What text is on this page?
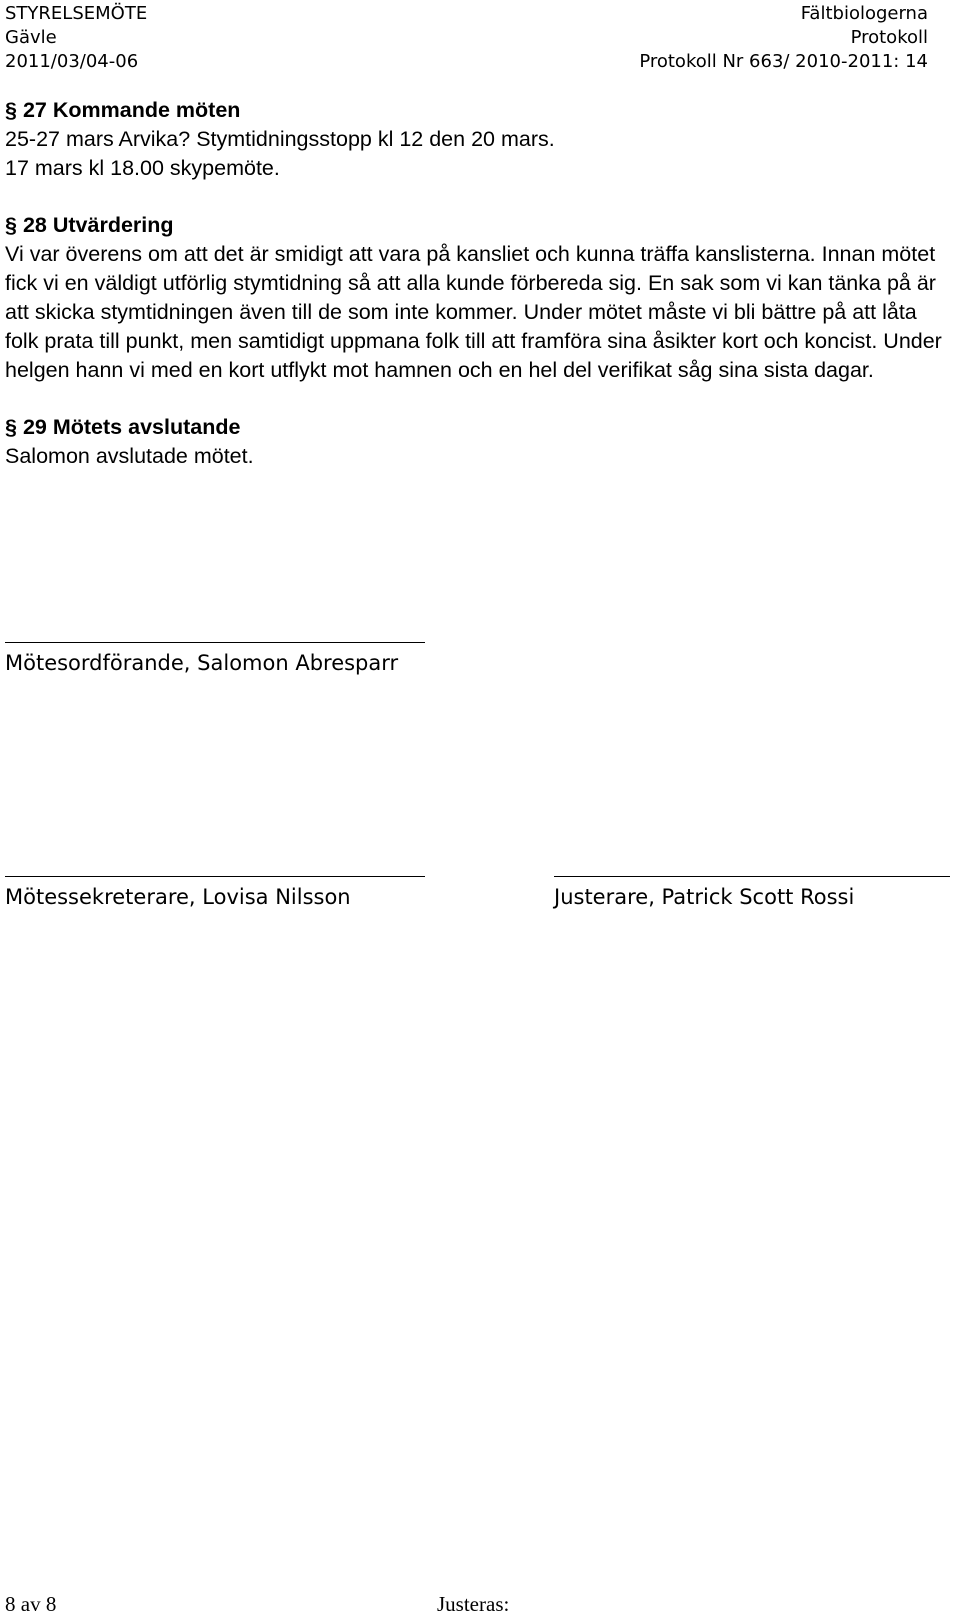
STYRELSEMÖTE	Fältbiologerna
Gävle	Protokoll
2011/03/04-06	Protokoll Nr 663/ 2010-2011: 14

§ 27 Kommande möten

25-27 mars Arvika? Stymtidningsstopp kl 12 den 20 mars.

17 mars kl 18.00 skypemöte.

§ 28 Utvärdering

Vi var överens om att det är smidigt att vara på kansliet och kunna träffa kanslisterna. Innan mötet fick vi en väldigt utförlig stymtidning så att alla kunde förbereda sig. En sak som vi kan tänka på är att skicka stymtidningen även till de som inte kommer. Under mötet måste vi bli bättre på att låta folk prata till punkt, men samtidigt uppmana folk till att framföra sina åsikter kort och koncist. Under helgen hann vi med en kort utflykt mot hamnen och en hel del verifikat såg sina sista dagar.

§ 29 Mötets avslutande

Salomon avslutade mötet.

Mötesordförande, Salomon Abresparr
Mötessekreterare, Lovisa Nilsson	Justerare, Patrick Scott Rossi
8 av 8	Justeras:
